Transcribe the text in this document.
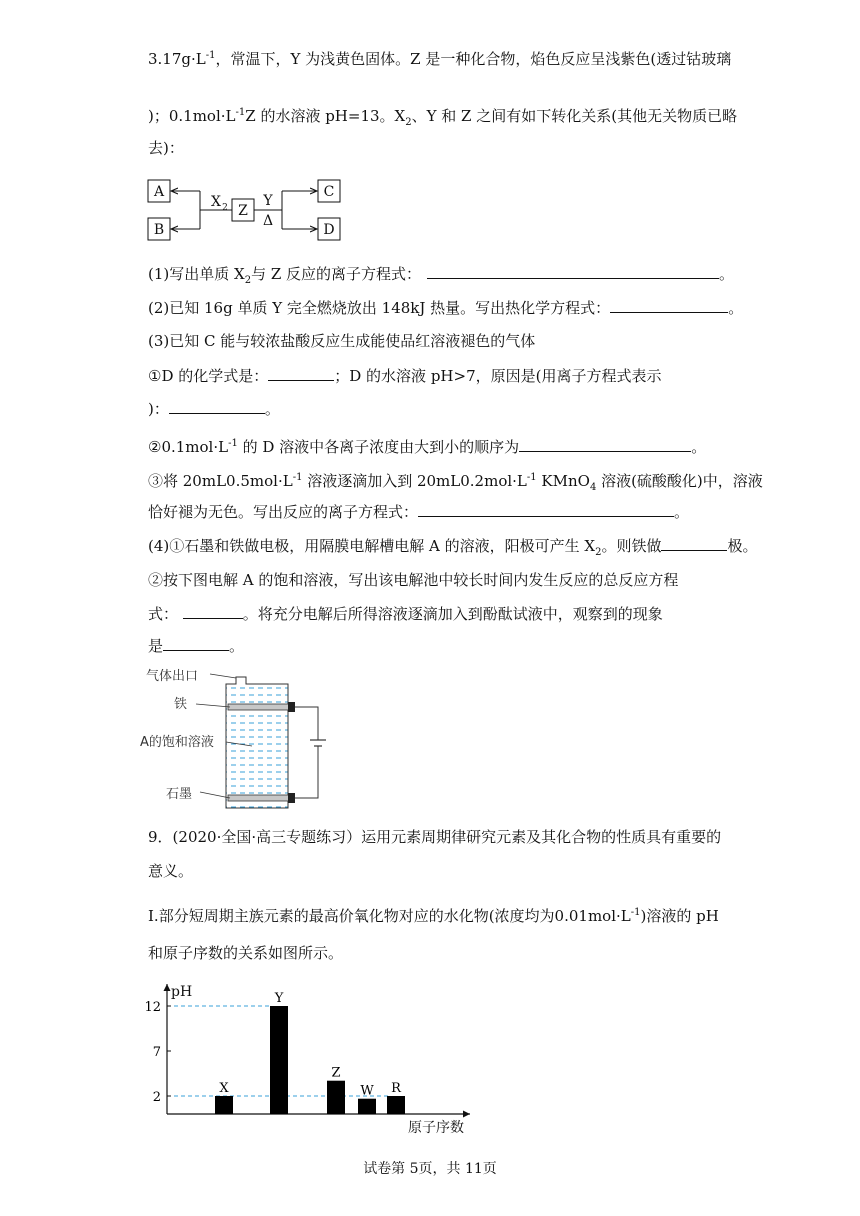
$3.17g\cdot L^{-1}$，常温下，Y 为浅黄色固体。Z 是一种化合物，焰色反应呈浅紫色(透过钴玻璃
)；$0.1mol\cdot L^{-1}Z$ 的水溶液 pH=13。$X_2$、Y 和 Z 之间有如下转化关系(其他无关物质已略
去)：
A
B
Z
C
D
X 2	Y
Δ
(1)写出单质 $X_2$与 Z 反应的离子方程式：	。
(2)已知 16g 单质 Y 完全燃烧放出 148kJ 热量。写出热化学方程式：	。
(3)已知 C 能与较浓盐酸反应生成能使品红溶液褪色的气体
①D 的化学式是：	；D 的水溶液 pH>7，原因是(用离子方程式表示
)：	。
$②0.1mol\cdot L^{-1}$ 的 D 溶液中各离子浓度由大到小的顺序为	。
③将 $20mL0.5mol\cdot L^{-1}$ 溶液逐滴加入到 $20mL0.2mol\cdot L^{-1}$ KMnO$_4$ 溶液(硫酸酸化)中，溶液
恰好褪为无色。写出反应的离子方程式：	。
(4)①石墨和铁做电极，用隔膜电解槽电解 A 的溶液，阳极可产生 $X_2$。则铁做	极。
②按下图电解 A 的饱和溶液，写出该电解池中较长时间内发生反应的总反应方程
式：	。将充分电解后所得溶液逐滴加入到酚酞试液中，观察到的现象
是	。
气体出口
铁
A的饱和溶液
石墨
9．(2020·全国·高三专题练习）运用元素周期律研究元素及其化合物的性质具有重要的
意义。
I.部分短周期主族元素的最高价氧化物对应的水化物(浓度均为$0.01mol\cdot L^{-1}$)溶液的 pH
和原子序数的关系如图所示。
pH
原子序数
2
7
12
X
Y
Z
W R
试卷第 5页，共 11页
